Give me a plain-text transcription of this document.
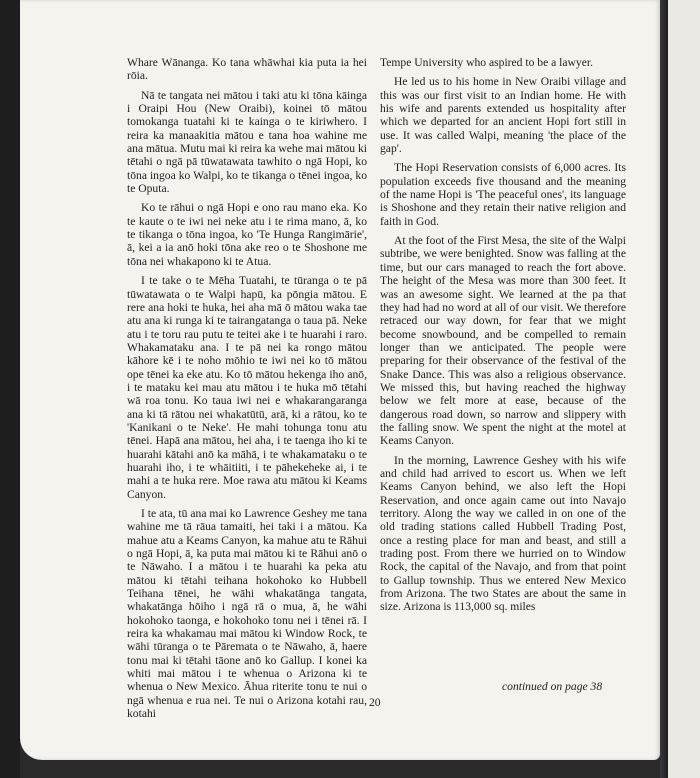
Whare Wānanga. Ko tana whāwhai kia puta ia hei rōia.

Nā te tangata nei mātou i taki atu ki tōna kāinga i Oraipi Hou (New Oraibi), koinei tō mātou tomokanga tuatahi ki te kainga o te kiriwhero. I reira ka manaakitia mātou e tana hoa wahine me ana mātua. Mutu mai ki reira ka wehe mai mātou ki tētahi o ngā pā tūwatawata tawhito o ngā Hopi, ko tōna ingoa ko Walpi, ko te tikanga o tēnei ingoa, ko te Oputa.

Ko te rāhui o ngā Hopi e ono rau mano eka. Ko te kaute o te iwi nei neke atu i te rima mano, ā, ko te tikanga o tōna ingoa, ko 'Te Hunga Rangimārie', ā, kei a ia anō hoki tōna ake reo o te Shoshone me tōna nei whakapono ki te Atua.

I te take o te Mēha Tuatahi, te tūranga o te pā tūwatawata o te Walpi hapū, ka pōngia mātou. E rere ana hoki te huka, hei aha mā ō mātou waka tae atu ana ki runga ki te tairangatanga o taua pā. Neke atu i te toru rau putu te teitei ake i te huarahi i raro. Whakamataku ana. I te pā nei ka rongo mātou kāhore kē i te noho mōhio te iwi nei ko tō mātou ope tēnei ka eke atu. Ko tō mātou hekenga iho anō, i te mataku kei mau atu mātou i te huka mō tētahi wā roa tonu. Ko taua iwi nei e whakarangaranga ana ki tā rātou nei whakatūtū, arā, ki a rātou, ko te 'Kanikani o te Neke'. He mahi tohunga tonu atu tēnei. Hapā ana mātou, hei aha, i te taenga iho ki te huarahi kātahi anō ka māhā, i te whakamataku o te huarahi iho, i te whāitiiti, i te pāhekeheke ai, i te mahi a te huka rere. Moe rawa atu mātou ki Keams Canyon.

I te ata, tū ana mai ko Lawrence Geshey me tana wahine me tā rāua tamaiti, hei taki i a mātou. Ka mahue atu a Keams Canyon, ka mahue atu te Rāhui o ngā Hopi, ā, ka puta mai mātou ki te Rāhui anō o te Nāwaho. I a mātou i te huarahi ka peka atu mātou ki tētahi teihana hokohoko ko Hubbell Teihana tēnei, he wāhi whakatānga tangata, whakatānga hōiho i ngā rā o mua, ā, he wāhi hokohoko taonga, e hokohoko tonu nei i tēnei rā. I reira ka whakamau mai mātou ki Window Rock, te wāhi tūranga o te Pāremata o te Nāwaho, ā, haere tonu mai ki tētahi tāone anō ko Gallup. I konei ka whiti mai mātou i te whenua o Arizona ki te whenua o New Mexico. Āhua riterite tonu te nui o ngā whenua e rua nei. Te nui o Arizona kotahi rau, kotahi

Tempe University who aspired to be a lawyer.

He led us to his home in New Oraibi village and this was our first visit to an Indian home. He with his wife and parents extended us hospitality after which we departed for an ancient Hopi fort still in use. It was called Walpi, meaning 'the place of the gap'.

The Hopi Reservation consists of 6,000 acres. Its population exceeds five thousand and the meaning of the name Hopi is 'The peaceful ones', its language is Shoshone and they retain their native religion and faith in God.

At the foot of the First Mesa, the site of the Walpi subtribe, we were benighted. Snow was falling at the time, but our cars managed to reach the fort above. The height of the Mesa was more than 300 feet. It was an awesome sight. We learned at the pa that they had had no word at all of our visit. We therefore retraced our way down, for fear that we might become snowbound, and be compelled to remain longer than we anticipated. The people were preparing for their observance of the festival of the Snake Dance. This was also a religious observance. We missed this, but having reached the highway below we felt more at ease, because of the dangerous road down, so narrow and slippery with the falling snow. We spent the night at the motel at Keams Canyon.

In the morning, Lawrence Geshey with his wife and child had arrived to escort us. When we left Keams Canyon behind, we also left the Hopi Reservation, and once again came out into Navajo territory. Along the way we called in on one of the old trading stations called Hubbell Trading Post, once a resting place for man and beast, and still a trading post. From there we hurried on to Window Rock, the capital of the Navajo, and from that point to Gallup township. Thus we entered New Mexico from Arizona. The two States are about the same in size. Arizona is 113,000 sq. miles

continued on page 38
20
